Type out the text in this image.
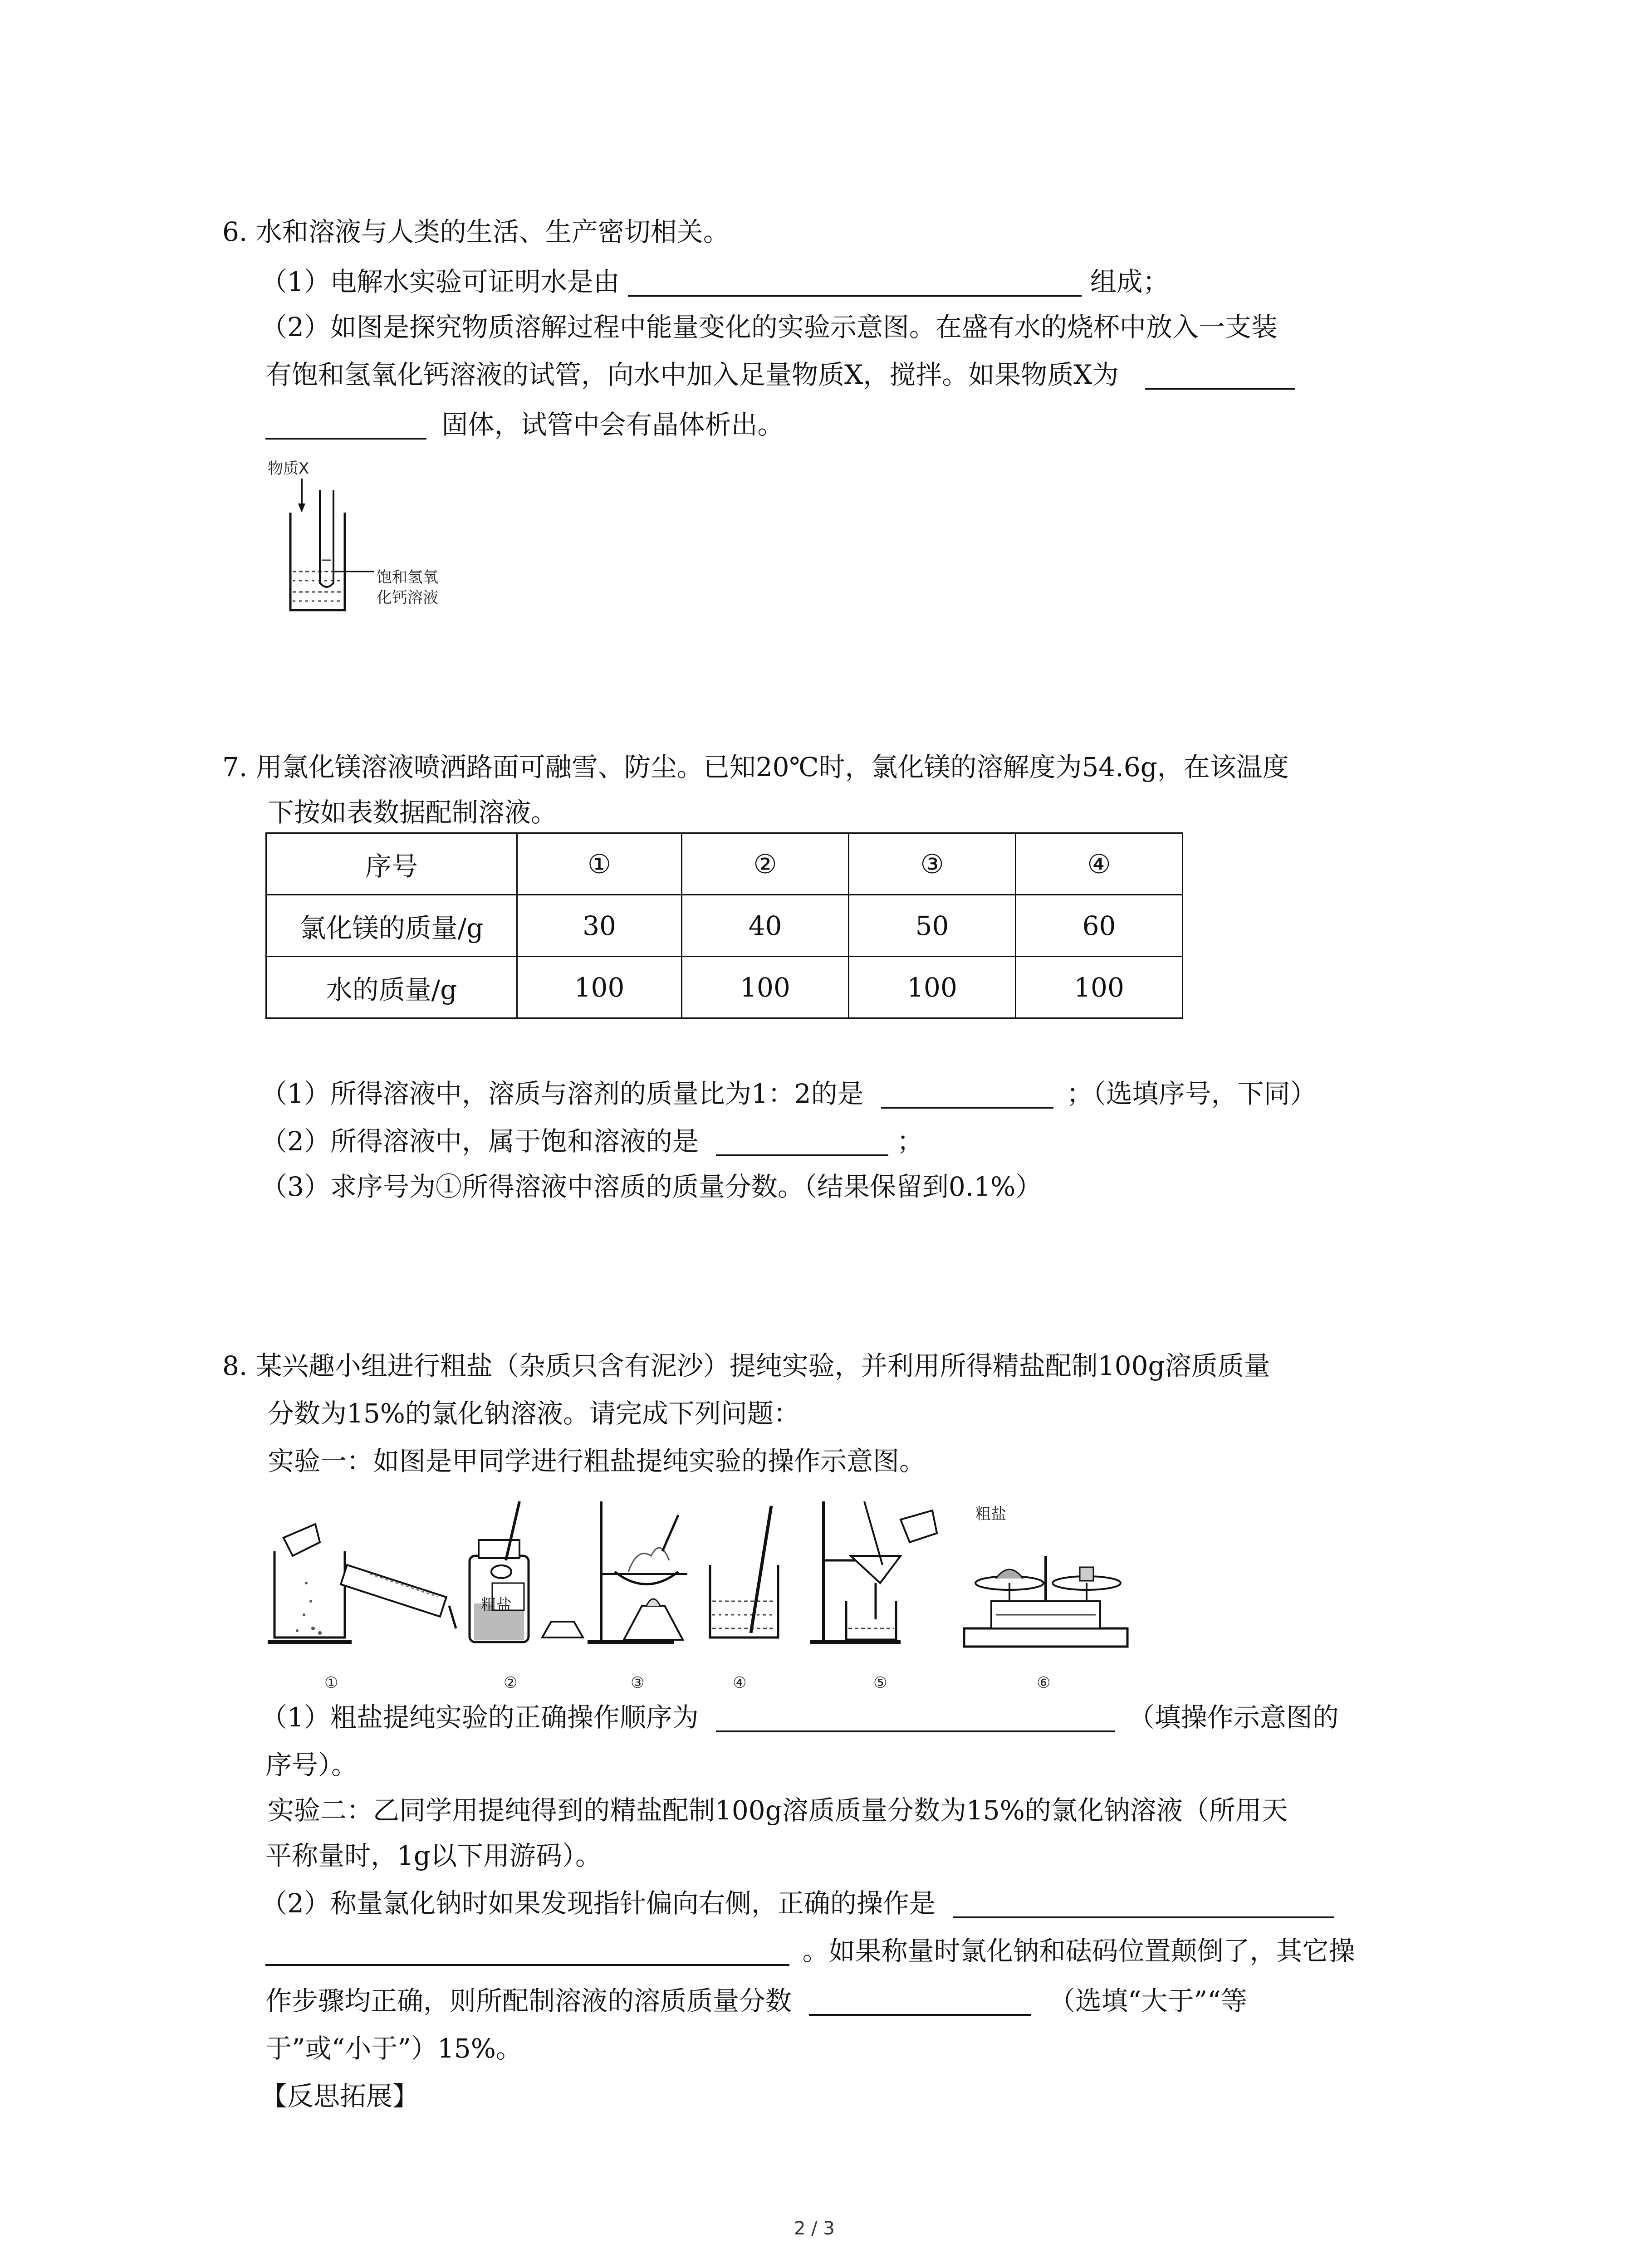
6. 水和溶液与人类的生活、生产密切相关。
（1）电解水实验可证明水是由	组成；
（2）如图是探究物质溶解过程中能量变化的实验示意图。在盛有水的烧杯中放入一支装
有饱和氢氧化钙溶液的试管，向水中加入足量物质X，搅拌。如果物质X为
固体，试管中会有晶体析出。
物质X
饱和氢氧
化钙溶液
7. 用氯化镁溶液喷洒路面可融雪、防尘。已知20℃时，氯化镁的溶解度为54.6g，在该温度
下按如表数据配制溶液。
序号	①	②	③	④
氯化镁的质量/g	30	40	50	60
水的质量/g	100	100	100	100
（1）所得溶液中，溶质与溶剂的质量比为1：2的是	；（选填序号，下同）
（2）所得溶液中，属于饱和溶液的是	；
（3）求序号为①所得溶液中溶质的质量分数。（结果保留到0.1%）
8. 某兴趣小组进行粗盐（杂质只含有泥沙）提纯实验，并利用所得精盐配制100g溶质质量
分数为15%的氯化钠溶液。请完成下列问题：
实验一：如图是甲同学进行粗盐提纯实验的操作示意图。
粗盐
粗盐
①	②	③	④	⑤	⑥
（1）粗盐提纯实验的正确操作顺序为	（填操作示意图的
序号）。
实验二：乙同学用提纯得到的精盐配制100g溶质质量分数为15%的氯化钠溶液（所用天
平称量时，1g以下用游码）。
（2）称量氯化钠时如果发现指针偏向右侧，正确的操作是
。如果称量时氯化钠和砝码位置颠倒了，其它操
作步骤均正确，则所配制溶液的溶质质量分数	（选填“大于”“等
于”或“小于”）15%。
【反思拓展】
2 / 3
